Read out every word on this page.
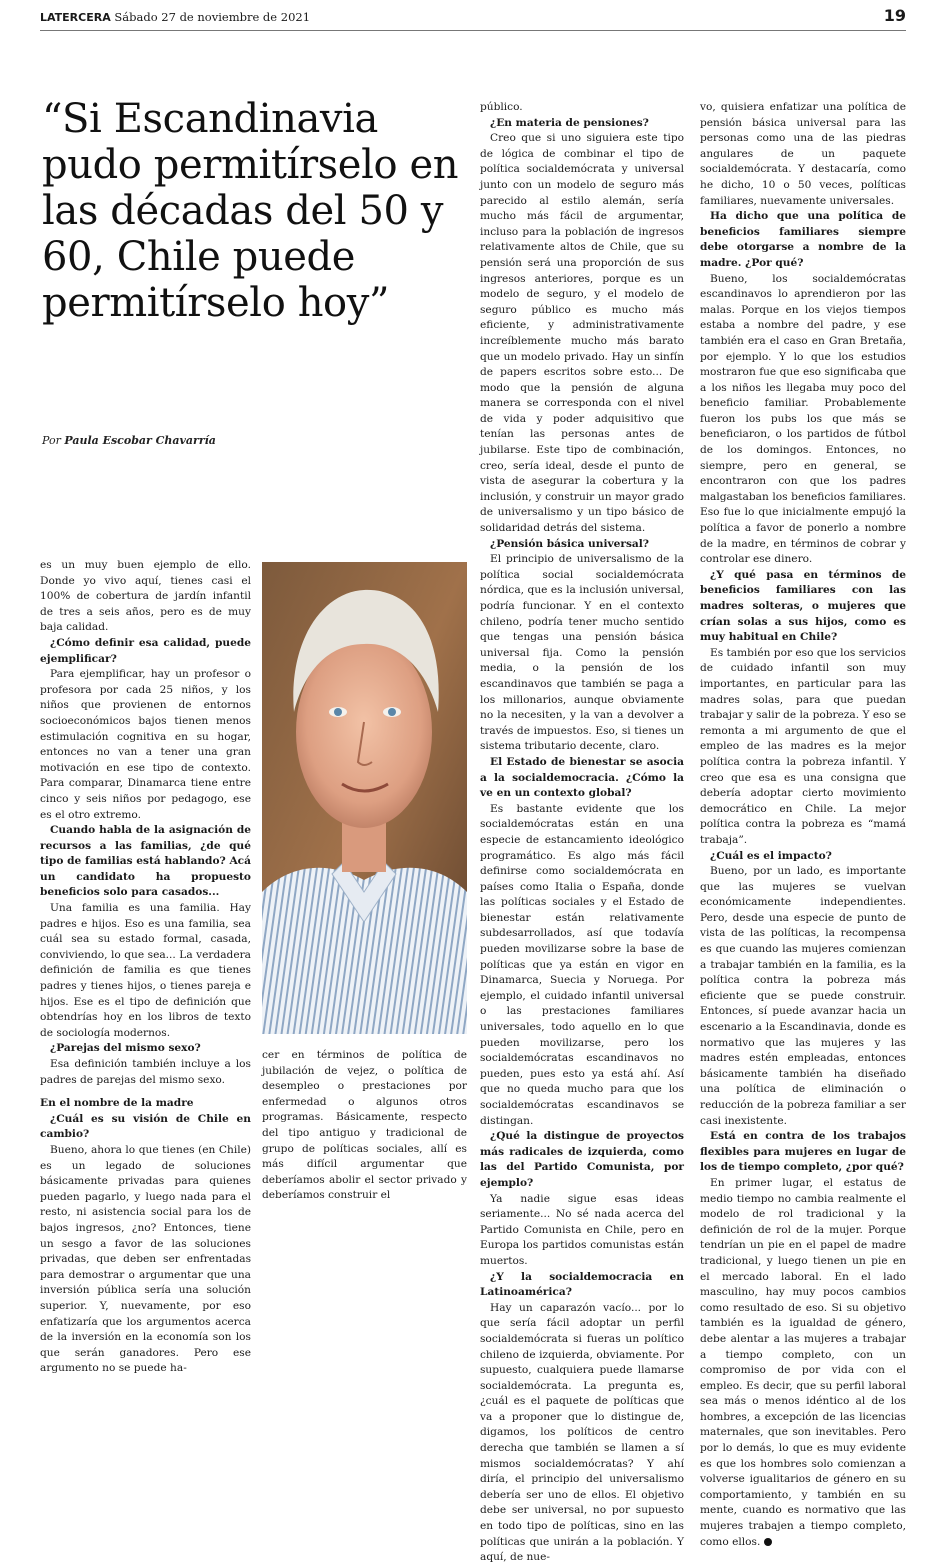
LATERCERA Sábado 27 de noviembre de 2021	19
“Si Escandinavia pudo permitírselo en las décadas del 50 y 60, Chile puede permitírselo hoy”
Por Paula Escobar Chavarría

es un muy buen ejemplo de ello. Donde yo vivo aquí, tienes casi el 100% de cobertura de jardín infantil de tres a seis años, pero es de muy baja calidad.

¿Cómo definir esa calidad, puede ejemplificar?

Para ejemplificar, hay un profesor o profesora por cada 25 niños, y los niños que provienen de entornos socioeconómicos bajos tienen menos estimulación cognitiva en su hogar, entonces no van a tener una gran motivación en ese tipo de contexto. Para comparar, Dinamarca tiene entre cinco y seis niños por pedagogo, ese es el otro extremo.

Cuando habla de la asignación de recursos a las familias, ¿de qué tipo de familias está hablando? Acá un candidato ha propuesto beneficios solo para casados...

Una familia es una familia. Hay padres e hijos. Eso es una familia, sea cuál sea su estado formal, casada, conviviendo, lo que sea... La verdadera definición de familia es que tienes padres y tienes hijos, o tienes pareja e hijos. Ese es el tipo de definición que obtendrías hoy en los libros de texto de sociología modernos.

¿Parejas del mismo sexo?

Esa definición también incluye a los padres de parejas del mismo sexo.

En el nombre de la madre

¿Cuál es su visión de Chile en cambio?

Bueno, ahora lo que tienes (en Chile) es un legado de soluciones básicamente privadas para quienes pueden pagarlo, y luego nada para el resto, ni asistencia social para los de bajos ingresos, ¿no? Entonces, tiene un sesgo a favor de las soluciones privadas, que deben ser enfrentadas para demostrar o argumentar que una inversión pública sería una solución superior. Y, nuevamente, por eso enfatizaría que los argumentos acerca de la inversión en la economía son los que serán ganadores. Pero ese argumento no se puede ha-

cer en términos de política de jubilación de vejez, o política de desempleo o prestaciones por enfermedad o algunos otros programas. Básicamente, respecto del tipo antiguo y tradicional de grupo de políticas sociales, allí es más difícil argumentar que deberíamos abolir el sector privado y deberíamos construir el

público.

¿En materia de pensiones?

Creo que si uno siguiera este tipo de lógica de combinar el tipo de política socialdemócrata y universal junto con un modelo de seguro más parecido al estilo alemán, sería mucho más fácil de argumentar, incluso para la población de ingresos relativamente altos de Chile, que su pensión será una proporción de sus ingresos anteriores, porque es un modelo de seguro, y el modelo de seguro público es mucho más eficiente, y administrativamente increíblemente mucho más barato que un modelo privado. Hay un sinfín de papers escritos sobre esto... De modo que la pensión de alguna manera se corresponda con el nivel de vida y poder adquisitivo que tenían las personas antes de jubilarse. Este tipo de combinación, creo, sería ideal, desde el punto de vista de asegurar la cobertura y la inclusión, y construir un mayor grado de universalismo y un tipo básico de solidaridad detrás del sistema.

¿Pensión básica universal?

El principio de universalismo de la política social socialdemócrata nórdica, que es la inclusión universal, podría funcionar. Y en el contexto chileno, podría tener mucho sentido que tengas una pensión básica universal fija. Como la pensión media, o la pensión de los escandinavos que también se paga a los millonarios, aunque obviamente no la necesiten, y la van a devolver a través de impuestos. Eso, si tienes un sistema tributario decente, claro.

El Estado de bienestar se asocia a la socialdemocracia. ¿Cómo la ve en un contexto global?

Es bastante evidente que los socialdemócratas están en una especie de estancamiento ideológico programático. Es algo más fácil definirse como socialdemócrata en países como Italia o España, donde las políticas sociales y el Estado de bienestar están relativamente subdesarrollados, así que todavía pueden movilizarse sobre la base de políticas que ya están en vigor en Dinamarca, Suecia y Noruega. Por ejemplo, el cuidado infantil universal o las prestaciones familiares universales, todo aquello en lo que pueden movilizarse, pero los socialdemócratas escandinavos no pueden, pues esto ya está ahí. Así que no queda mucho para que los socialdemócratas escandinavos se distingan.

¿Qué la distingue de proyectos más radicales de izquierda, como las del Partido Comunista, por ejemplo?

Ya nadie sigue esas ideas seriamente... No sé nada acerca del Partido Comunista en Chile, pero en Europa los partidos comunistas están muertos.

¿Y la socialdemocracia en Latinoamérica?

Hay un caparazón vacío... por lo que sería fácil adoptar un perfil socialdemócrata si fueras un político chileno de izquierda, obviamente. Por supuesto, cualquiera puede llamarse socialdemócrata. La pregunta es, ¿cuál es el paquete de políticas que va a proponer que lo distingue de, digamos, los políticos de centro derecha que también se llamen a sí mismos socialdemócratas? Y ahí diría, el principio del universalismo debería ser uno de ellos. El objetivo debe ser universal, no por supuesto en todo tipo de políticas, sino en las políticas que unirán a la población. Y aquí, de nue-

vo, quisiera enfatizar una política de pensión básica universal para las personas como una de las piedras angulares de un paquete socialdemócrata. Y destacaría, como he dicho, 10 o 50 veces, políticas familiares, nuevamente universales.

Ha dicho que una política de beneficios familiares siempre debe otorgarse a nombre de la madre. ¿Por qué?

Bueno, los socialdemócratas escandinavos lo aprendieron por las malas. Porque en los viejos tiempos estaba a nombre del padre, y ese también era el caso en Gran Bretaña, por ejemplo. Y lo que los estudios mostraron fue que eso significaba que a los niños les llegaba muy poco del beneficio familiar. Probablemente fueron los pubs los que más se beneficiaron, o los partidos de fútbol de los domingos. Entonces, no siempre, pero en general, se encontraron con que los padres malgastaban los beneficios familiares. Eso fue lo que inicialmente empujó la política a favor de ponerlo a nombre de la madre, en términos de cobrar y controlar ese dinero.

¿Y qué pasa en términos de beneficios familiares con las madres solteras, o mujeres que crían solas a sus hijos, como es muy habitual en Chile?

Es también por eso que los servicios de cuidado infantil son muy importantes, en particular para las madres solas, para que puedan trabajar y salir de la pobreza. Y eso se remonta a mi argumento de que el empleo de las madres es la mejor política contra la pobreza infantil. Y creo que esa es una consigna que debería adoptar cierto movimiento democrático en Chile. La mejor política contra la pobreza es “mamá trabaja”.

¿Cuál es el impacto?

Bueno, por un lado, es importante que las mujeres se vuelvan económicamente independientes. Pero, desde una especie de punto de vista de las políticas, la recompensa es que cuando las mujeres comienzan a trabajar también en la familia, es la política contra la pobreza más eficiente que se puede construir. Entonces, sí puede avanzar hacia un escenario a la Escandinavia, donde es normativo que las mujeres y las madres estén empleadas, entonces básicamente también ha diseñado una política de eliminación o reducción de la pobreza familiar a ser casi inexistente.

Está en contra de los trabajos flexibles para mujeres en lugar de los de tiempo completo, ¿por qué?

En primer lugar, el estatus de medio tiempo no cambia realmente el modelo de rol tradicional y la definición de rol de la mujer. Porque tendrían un pie en el papel de madre tradicional, y luego tienen un pie en el mercado laboral. En el lado masculino, hay muy pocos cambios como resultado de eso. Si su objetivo también es la igualdad de género, debe alentar a las mujeres a trabajar a tiempo completo, con un compromiso de por vida con el empleo. Es decir, que su perfil laboral sea más o menos idéntico al de los hombres, a excepción de las licencias maternales, que son inevitables. Pero por lo demás, lo que es muy evidente es que los hombres solo comienzan a volverse igualitarios de género en su comportamiento, y también en su mente, cuando es normativo que las mujeres trabajen a tiempo completo, como ellos.
